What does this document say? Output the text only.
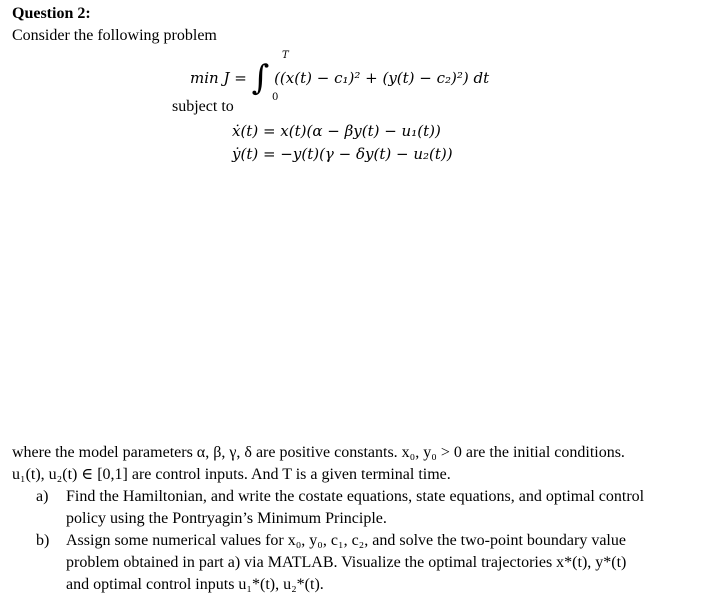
Question 2:
Consider the following problem
min J = ∫
T
0
((x(t) − c₁)² + (y(t) − c₂)²) dt
subject to
ẋ(t) = x(t)(α − βy(t) − u₁(t))
ẏ(t) = −y(t)(γ − δy(t) − u₂(t))
where the model parameters α, β, γ, δ are positive constants. x₀, y₀ > 0 are the initial conditions.
u₁(t), u₂(t) ∈ [0,1] are control inputs. And T is a given terminal time.
a) Find the Hamiltonian, and write the costate equations, state equations, and optimal control
policy using the Pontryagin’s Minimum Principle.
b) Assign some numerical values for x₀, y₀, c₁, c₂, and solve the two-point boundary value
problem obtained in part a) via MATLAB. Visualize the optimal trajectories x*(t), y*(t)
and optimal control inputs u₁*(t), u₂*(t).
